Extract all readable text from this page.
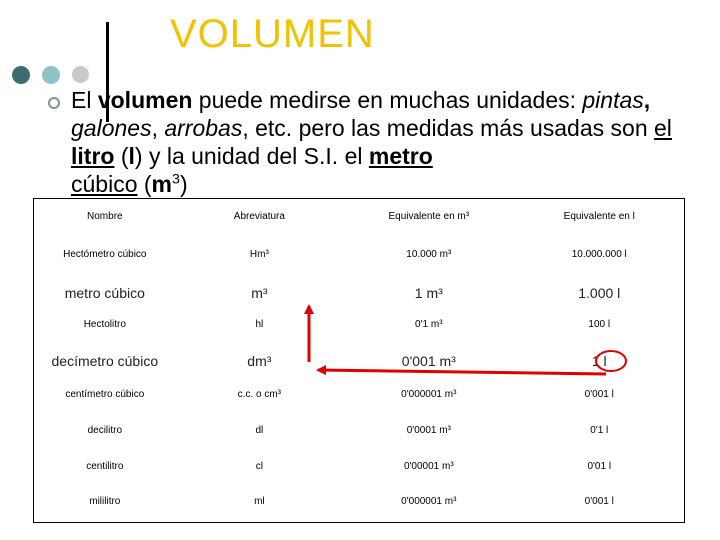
VOLUMEN
El volumen puede medirse en muchas unidades: pintas, galones, arrobas, etc. pero las medidas más usadas son el litro (l) y la unidad del S.I. el metro
cúbico $(m^3)$
Nombre	Abreviatura	Equivalente en m³	Equivalente en l
Hectómetro cúbico	Hm³	10.000 m³	10.000.000 l
metro cúbico	m³	1 m³	1.000 l
Hectolitro	hl	0'1 m³	100 l
decímetro cúbico	dm³	0'001 m³	1 l
centímetro cúbico	c.c. o cm³	0'000001 m³	0'001 l
decilitro	dl	0'0001 m³	0'1 l
centilitro	cl	0'00001 m³	0'01 l
mililitro	ml	0'000001 m³	0'001 l
